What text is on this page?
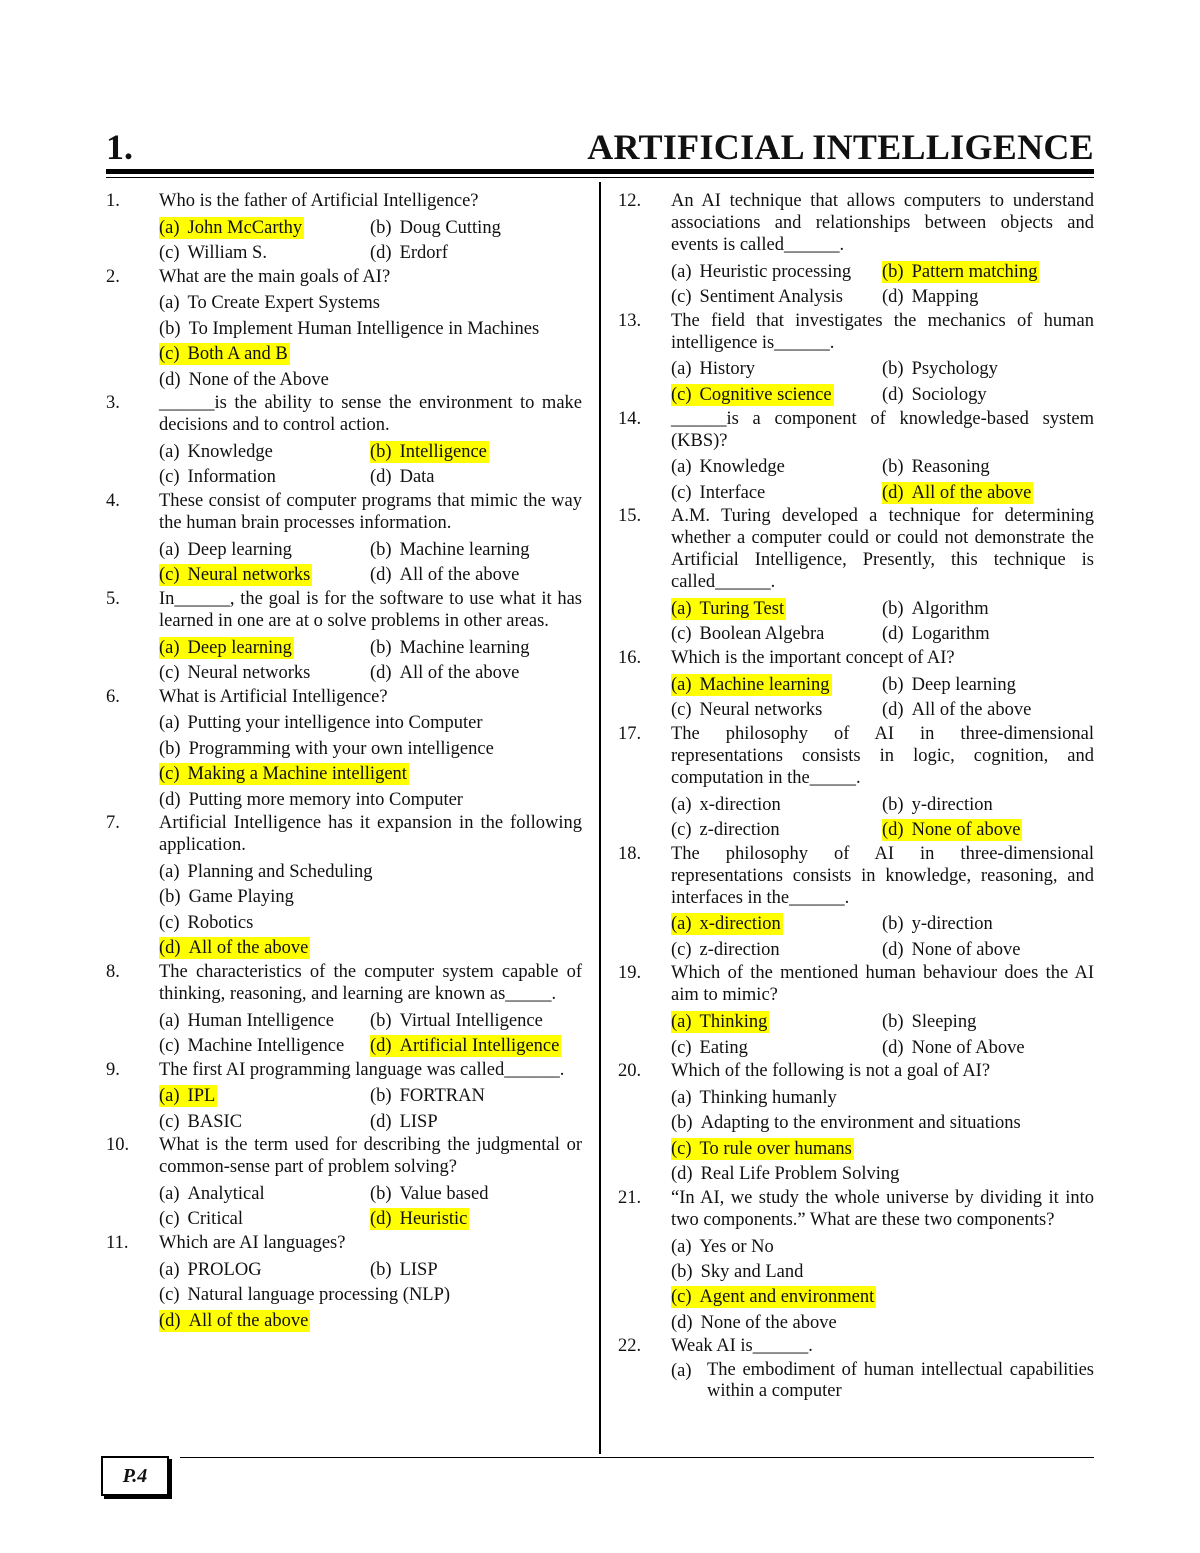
1.	ARTIFICIAL INTELLIGENCE
1. Who is the father of Artificial Intelligence?
(a) John McCarthy	(b) Doug Cutting
(c) William S.	(d) Erdorf
2. What are the main goals of AI?
(a) To Create Expert Systems
(b) To Implement Human Intelligence in Machines
(c) Both A and B
(d) None of the Above
3. ______is the ability to sense the environment to make decisions and to control action.
(a) Knowledge	(b) Intelligence
(c) Information	(d) Data
4. These consist of computer programs that mimic the way the human brain processes information.
(a) Deep learning	(b) Machine learning
(c) Neural networks	(d) All of the above
5. In______, the goal is for the software to use what it has learned in one are at o solve problems in other areas.
(a) Deep learning	(b) Machine learning
(c) Neural networks	(d) All of the above
6. What is Artificial Intelligence?
(a) Putting your intelligence into Computer
(b) Programming with your own intelligence
(c) Making a Machine intelligent
(d) Putting more memory into Computer
7. Artificial Intelligence has it expansion in the following application.
(a) Planning and Scheduling
(b) Game Playing
(c) Robotics
(d) All of the above
8. The characteristics of the computer system capable of thinking, reasoning, and learning are known as_____.
(a) Human Intelligence (b) Virtual Intelligence
(c) Machine Intelligence (d) Artificial Intelligence
9. The first AI programming language was called______.
(a) IPL	(b) FORTRAN
(c) BASIC	(d) LISP
10. What is the term used for describing the judgmental or common-sense part of problem solving?
(a) Analytical	(b) Value based
(c) Critical	(d) Heuristic
11. Which are AI languages?
(a) PROLOG	(b) LISP
(c) Natural language processing (NLP)
(d) All of the above
12. An AI technique that allows computers to understand associations and relationships between objects and events is called______.
(a) Heuristic processing (b) Pattern matching
(c) Sentiment Analysis (d) Mapping
13. The field that investigates the mechanics of human intelligence is______.
(a) History	(b) Psychology
(c) Cognitive science	(d) Sociology
14. ______is a component of knowledge-based system (KBS)?
(a) Knowledge	(b) Reasoning
(c) Interface	(d) All of the above
15. A.M. Turing developed a technique for determining whether a computer could or could not demonstrate the Artificial Intelligence, Presently, this technique is called______.
(a) Turing Test	(b) Algorithm
(c) Boolean Algebra	(d) Logarithm
16. Which is the important concept of AI?
(a) Machine learning	(b) Deep learning
(c) Neural networks	(d) All of the above
17. The philosophy of AI in three-dimensional representations consists in logic, cognition, and computation in the_____.
(a) x-direction	(b) y-direction
(c) z-direction	(d) None of above
18. The philosophy of AI in three-dimensional representations consists in knowledge, reasoning, and interfaces in the______.
(a) x-direction	(b) y-direction
(c) z-direction	(d) None of above
19. Which of the mentioned human behaviour does the AI aim to mimic?
(a) Thinking	(b) Sleeping
(c) Eating	(d) None of Above
20. Which of the following is not a goal of AI?
(a) Thinking humanly
(b) Adapting to the environment and situations
(c) To rule over humans
(d) Real Life Problem Solving
21. “In AI, we study the whole universe by dividing it into two components.” What are these two components?
(a) Yes or No
(b) Sky and Land
(c) Agent and environment
(d) None of the above
22. Weak AI is______.
(a) The embodiment of human intellectual capabilities within a computer
P.4
